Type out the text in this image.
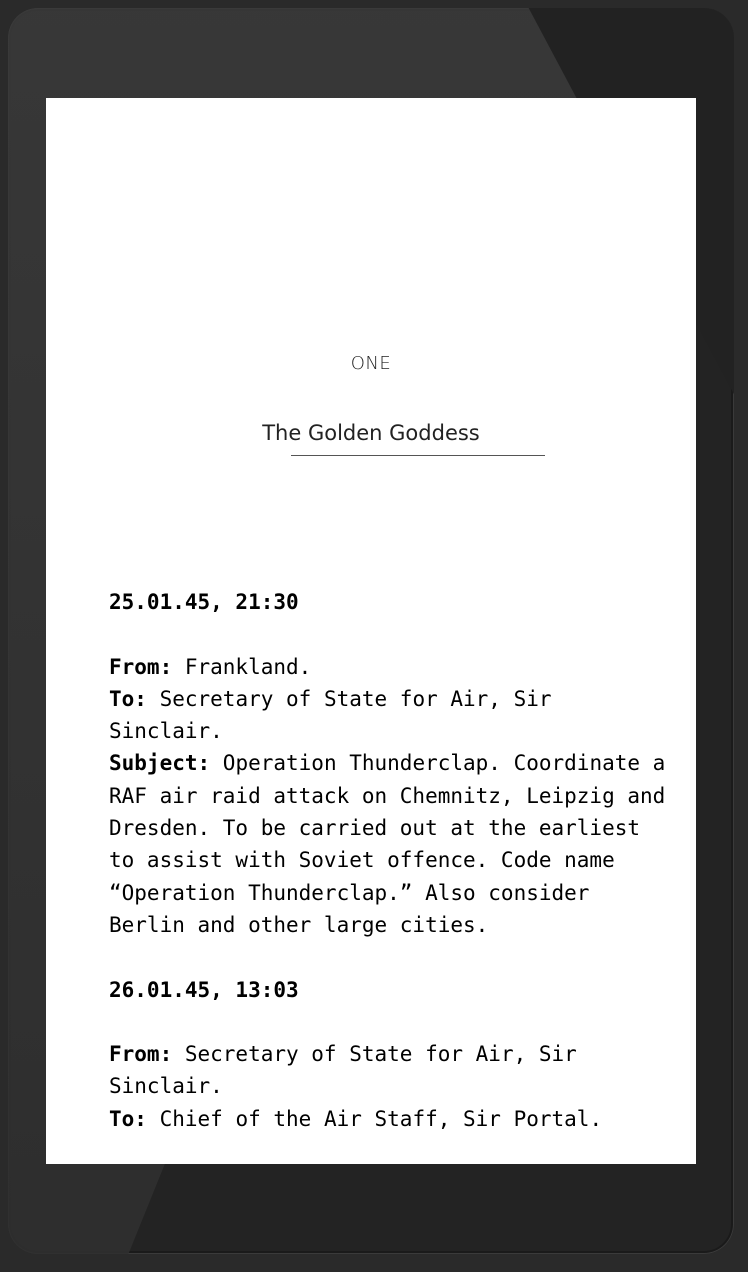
ONE
The Golden Goddess
25.01.45, 21:30
From: Frankland.
To: Secretary of State for Air, Sir Sinclair.
Subject: Operation Thunderclap. Coordinate a RAF air raid attack on Chemnitz, Leipzig and Dresden. To be carried out at the earliest to assist with Soviet offence. Code name “Operation Thunderclap.” Also consider Berlin and other large cities.
26.01.45, 13:03
From: Secretary of State for Air, Sir Sinclair.
To: Chief of the Air Staff, Sir Portal.
